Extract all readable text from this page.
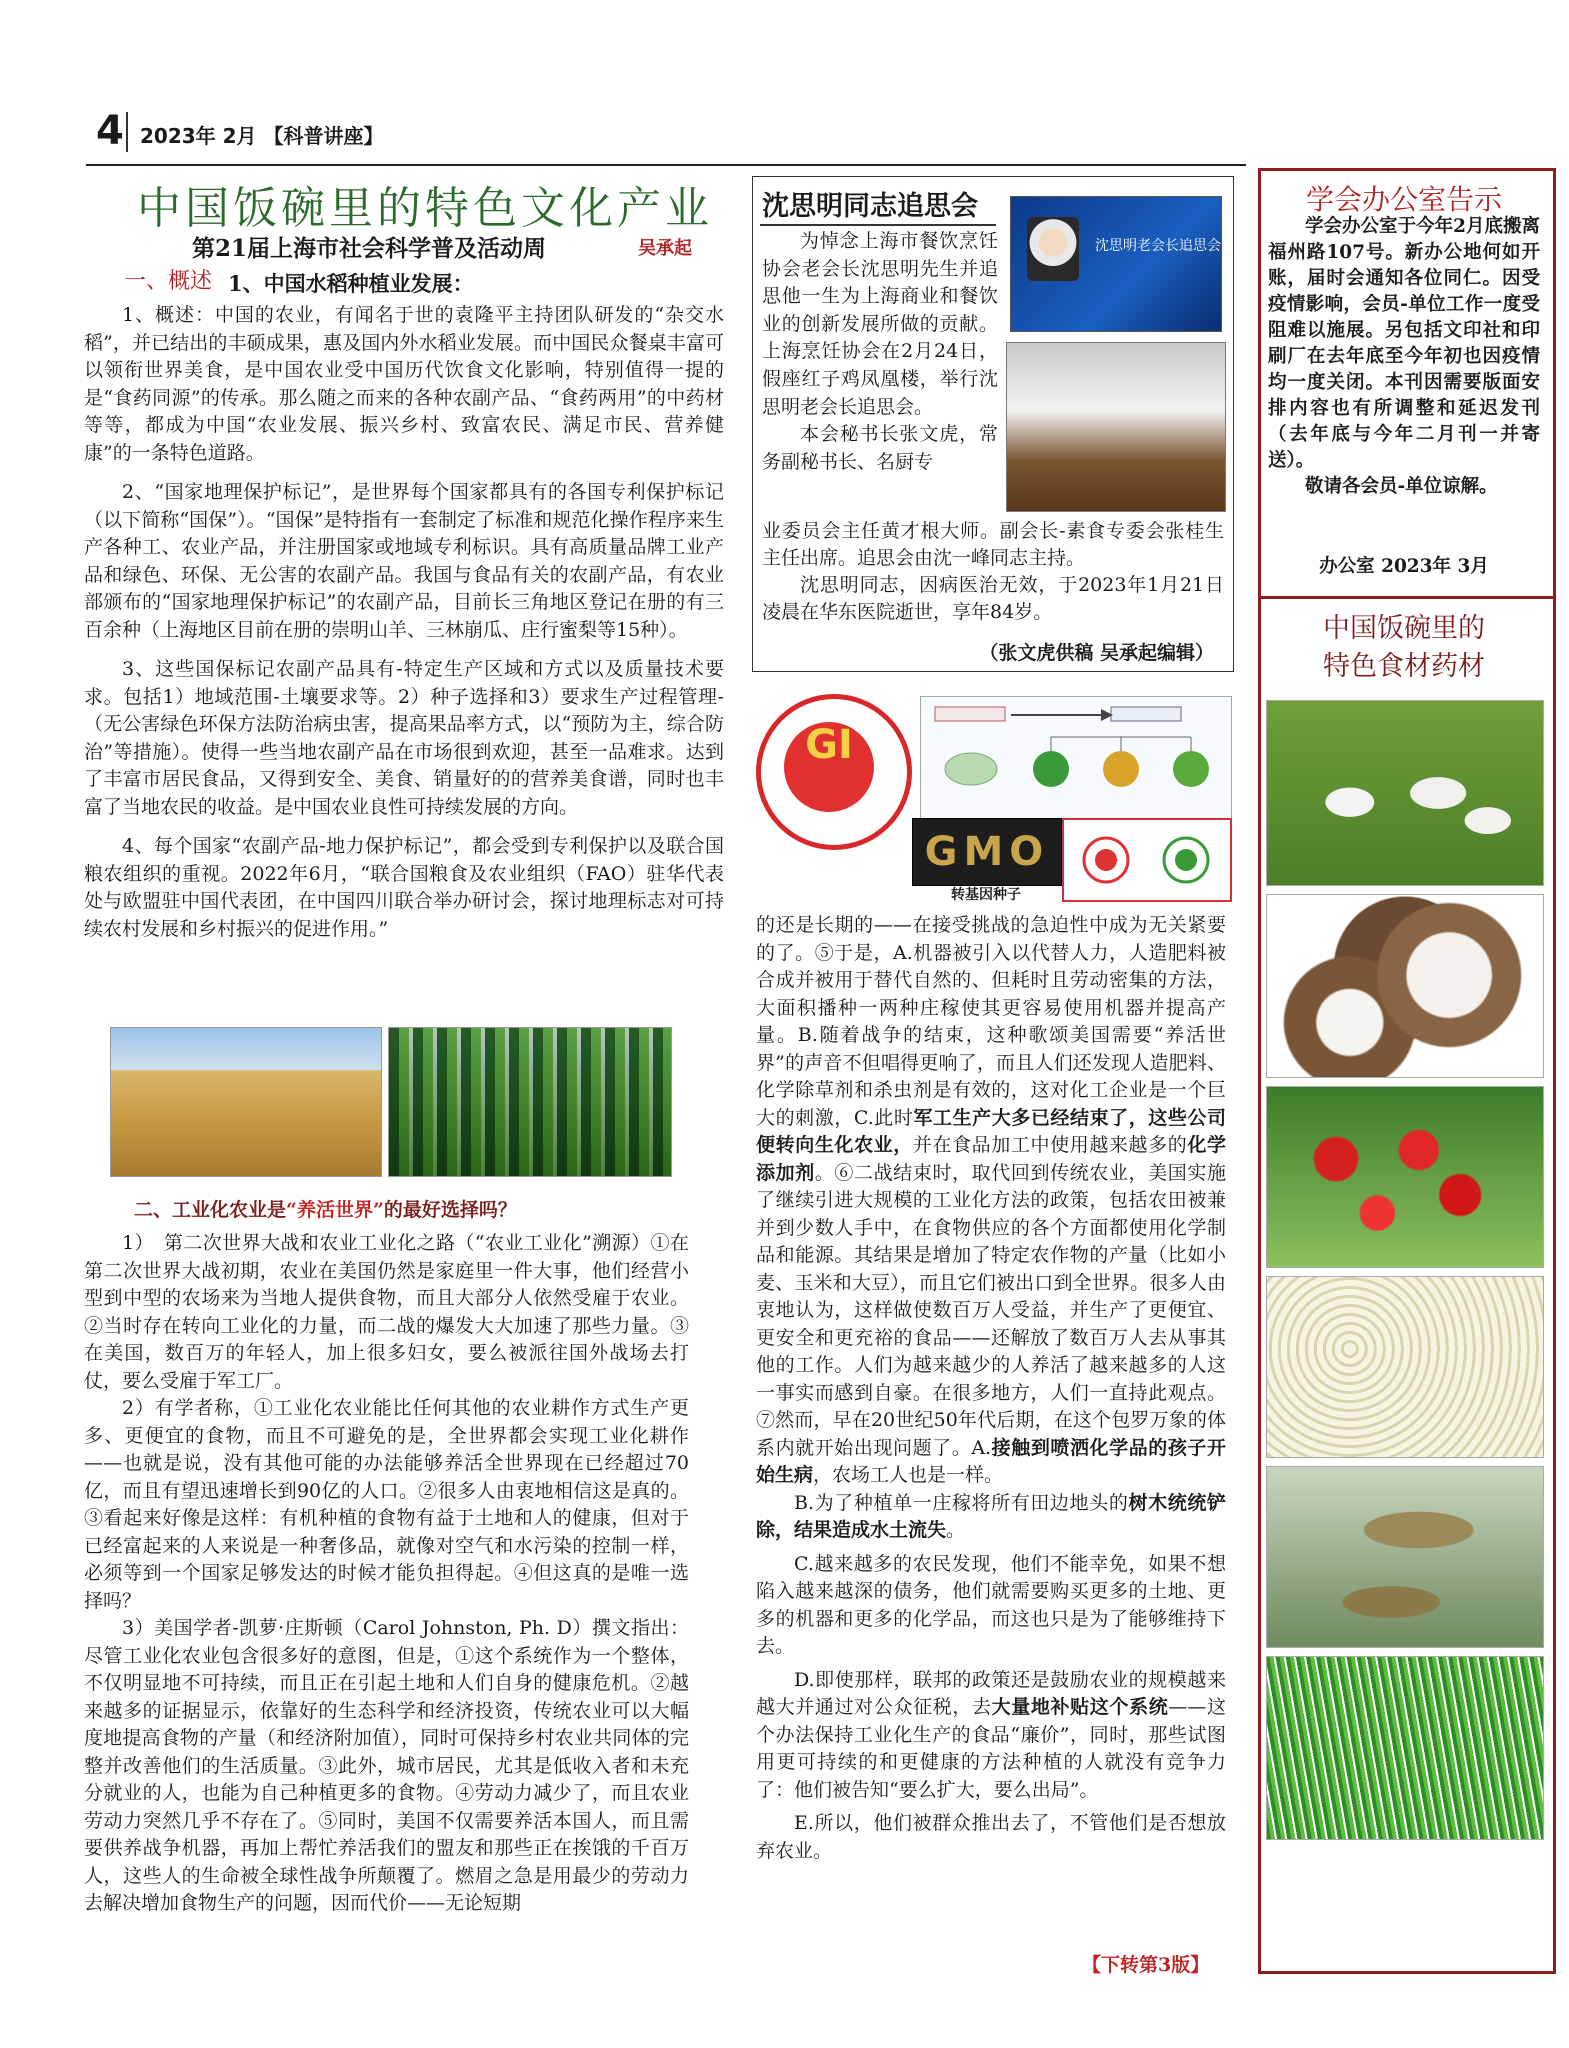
4 2023年 2月 【科普讲座】
中国饭碗里的特色文化产业
第21届上海市社会科学普及活动周	吴承起
一、概述 1、中国水稻种植业发展：

1、概述：中国的农业，有闻名于世的袁隆平主持团队研发的“杂交水稻”，并已结出的丰硕成果，惠及国内外水稻业发展。而中国民众餐桌丰富可以领衔世界美食，是中国农业受中国历代饮食文化影响，特别值得一提的是“食药同源”的传承。那么随之而来的各种农副产品、“食药两用”的中药材等等，都成为中国“农业发展、振兴乡村、致富农民、满足市民、营养健康”的一条特色道路。

2、“国家地理保护标记”，是世界每个国家都具有的各国专利保护标记（以下简称“国保”）。“国保”是特指有一套制定了标准和规范化操作程序来生产各种工、农业产品，并注册国家或地域专利标识。具有高质量品牌工业产品和绿色、环保、无公害的农副产品。我国与食品有关的农副产品，有农业部颁布的“国家地理保护标记”的农副产品，目前长三角地区登记在册的有三百余种（上海地区目前在册的崇明山羊、三林崩瓜、庄行蜜梨等15种）。

3、这些国保标记农副产品具有-特定生产区域和方式以及质量技术要求。包括1）地域范围-土壤要求等。2）种子选择和3）要求生产过程管理-（无公害绿色环保方法防治病虫害，提高果品率方式，以“预防为主，综合防治”等措施）。使得一些当地农副产品在市场很到欢迎，甚至一品难求。达到了丰富市居民食品，又得到安全、美食、销量好的的营养美食谱，同时也丰富了当地农民的收益。是中国农业良性可持续发展的方向。

4、每个国家“农副产品-地力保护标记”，都会受到专利保护以及联合国粮农组织的重视。2022年6月，“联合国粮食及农业组织（FAO）驻华代表处与欧盟驻中国代表团，在中国四川联合举办研讨会，探讨地理标志对可持续农村发展和乡村振兴的促进作用。”

二、工业化农业是“养活世界”的最好选择吗？

1）　第二次世界大战和农业工业化之路（“农业工业化”溯源）①在第二次世界大战初期，农业在美国仍然是家庭里一件大事，他们经营小型到中型的农场来为当地人提供食物，而且大部分人依然受雇于农业。②当时存在转向工业化的力量，而二战的爆发大大加速了那些力量。③在美国，数百万的年轻人，加上很多妇女，要么被派往国外战场去打仗，要么受雇于军工厂。

2）有学者称，①工业化农业能比任何其他的农业耕作方式生产更多、更便宜的食物，而且不可避免的是，全世界都会实现工业化耕作——也就是说，没有其他可能的办法能够养活全世界现在已经超过70亿，而且有望迅速增长到90亿的人口。②很多人由衷地相信这是真的。③看起来好像是这样：有机种植的食物有益于土地和人的健康，但对于已经富起来的人来说是一种奢侈品，就像对空气和水污染的控制一样，必须等到一个国家足够发达的时候才能负担得起。④但这真的是唯一选择吗？

3）美国学者-凯萝·庄斯顿（Carol Johnston, Ph. D）撰文指出：尽管工业化农业包含很多好的意图，但是，①这个系统作为一个整体，不仅明显地不可持续，而且正在引起土地和人们自身的健康危机。②越来越多的证据显示，依靠好的生态科学和经济投资，传统农业可以大幅度地提高食物的产量（和经济附加值），同时可保持乡村农业共同体的完整并改善他们的生活质量。③此外，城市居民，尤其是低收入者和未充分就业的人，也能为自己种植更多的食物。④劳动力减少了，而且农业劳动力突然几乎不存在了。⑤同时，美国不仅需要养活本国人，而且需要供养战争机器，再加上帮忙养活我们的盟友和那些正在挨饿的千百万人，这些人的生命被全球性战争所颠覆了。燃眉之急是用最少的劳动力去解决增加食物生产的问题，因而代价——无论短期

沈思明同志追思会
沈思明老会长追思会

为悼念上海市餐饮烹饪协会老会长沈思明先生并追思他一生为上海商业和餐饮业的创新发展所做的贡献。上海烹饪协会在2月24日，假座红子鸡凤凰楼，举行沈思明老会长追思会。

本会秘书长张文虎，常务副秘书长、名厨专

业委员会主任黄才根大师。副会长-素食专委会张桂生主任出席。追思会由沈一峰同志主持。

沈思明同志，因病医治无效，于2023年1月21日凌晨在华东医院逝世，享年84岁。

（张文虎供稿 吴承起编辑）
GI
GMO
转基因种子

的还是长期的——在接受挑战的急迫性中成为无关紧要的了。⑤于是，A.机器被引入以代替人力，人造肥料被合成并被用于替代自然的、但耗时且劳动密集的方法，大面积播种一两种庄稼使其更容易使用机器并提高产量。B.随着战争的结束，这种歌颂美国需要“养活世界”的声音不但唱得更响了，而且人们还发现人造肥料、化学除草剂和杀虫剂是有效的，这对化工企业是一个巨大的刺激，C.此时军工生产大多已经结束了，这些公司便转向生化农业，并在食品加工中使用越来越多的化学添加剂。⑥二战结束时，取代回到传统农业，美国实施了继续引进大规模的工业化方法的政策，包括农田被兼并到少数人手中，在食物供应的各个方面都使用化学制品和能源。其结果是增加了特定农作物的产量（比如小麦、玉米和大豆），而且它们被出口到全世界。很多人由衷地认为，这样做使数百万人受益，并生产了更便宜、更安全和更充裕的食品——还解放了数百万人去从事其他的工作。人们为越来越少的人养活了越来越多的人这一事实而感到自豪。在很多地方，人们一直持此观点。⑦然而，早在20世纪50年代后期，在这个包罗万象的体系内就开始出现问题了。A.接触到喷洒化学品的孩子开始生病，农场工人也是一样。

B.为了种植单一庄稼将所有田边地头的树木统统铲除，结果造成水土流失。

C.越来越多的农民发现，他们不能幸免，如果不想陷入越来越深的债务，他们就需要购买更多的土地、更多的机器和更多的化学品，而这也只是为了能够维持下去。

D.即使那样，联邦的政策还是鼓励农业的规模越来越大并通过对公众征税，去大量地补贴这个系统——这个办法保持工业化生产的食品“廉价”，同时，那些试图用更可持续的和更健康的方法种植的人就没有竞争力了：他们被告知“要么扩大，要么出局”。

E.所以，他们被群众推出去了，不管他们是否想放弃农业。

【下转第3版】
学会办公室告示

学会办公室于今年2月底搬离福州路107号。新办公地何如开账，届时会通知各位同仁。因受疫情影响，会员-单位工作一度受阻难以施展。另包括文印社和印刷厂在去年底至今年初也因疫情均一度关闭。本刊因需要版面安排内容也有所调整和延迟发刊（去年底与今年二月刊一并寄送）。

敬请各会员-单位谅解。

办公室 2023年 3月
中国饭碗里的
特色食材药材
